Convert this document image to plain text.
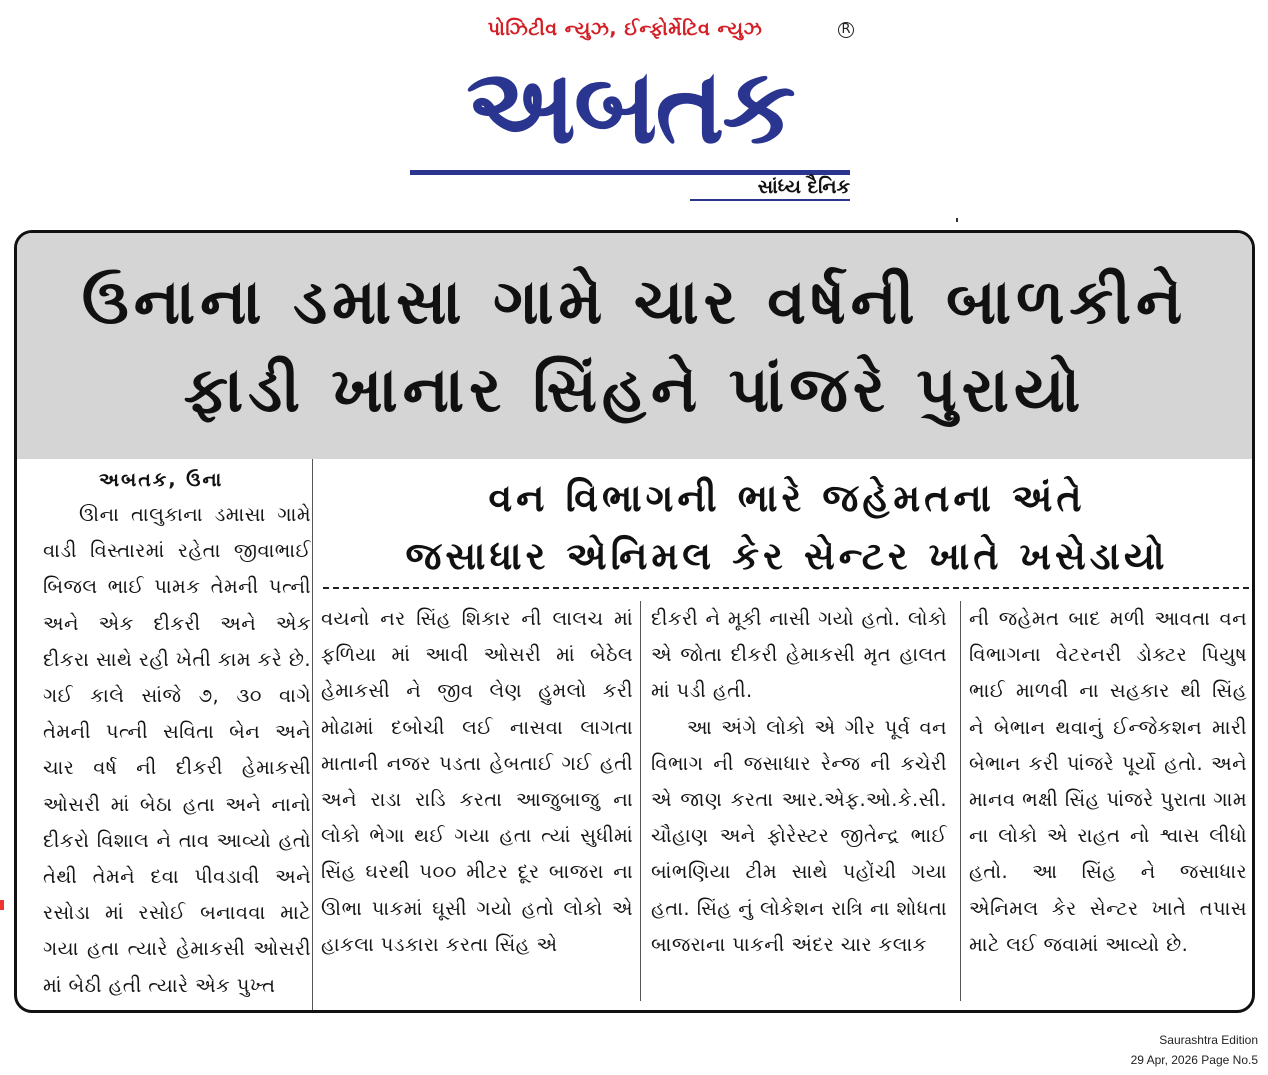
પોઝિટીવ ન્યુઝ, ઈન્ફોર્મેટિવ ન્યુઝ	R
અબતક
સાંધ્ય દૈનિક
ઉનાના ડમાસા ગામે ચાર વર્ષની બાળકીને
ફાડી ખાનાર સિંહને પાંજરે પુરાયો
અબતક, ઉના	વન વિભાગની ભારે જહેમતના અંતે
જસાધાર એનિમલ કેર સેન્ટર ખાતે ખસેડાયો

ઊના તાલુકાના ડમાસા ગામે વાડી વિસ્તારમાં રહેતા જીવાભાઈ બિજલ ભાઈ પામક તેમની પત્ની અને એક દીકરી અને એક દીકરા સાથે રહી ખેતી કામ કરે છે. ગઈ કાલે સાંજે ૭, ૩૦ વાગે તેમની પત્ની સવિતા બેન અને ચાર વર્ષ ની દીકરી હેમાકસી ઓસરી માં બેઠા હતા અને નાનો દીકરો વિશાલ ને તાવ આવ્યો હતો તેથી તેમને દવા પીવડાવી અને રસોડા માં રસોઈ બનાવવા માટે ગયા હતા ત્યારે હેમાકસી ઓસરી માં બેઠી હતી ત્યારે એક પુખ્ત

વયનો નર સિંહ શિકાર ની લાલચ માં ફળિયા માં આવી ઓસરી માં બેઠેલ હેમાકસી ને જીવ લેણ હુમલો કરી મોઢામાં દબોચી લઈ નાસવા લાગતા માતાની નજર પડતા હેબતાઈ ગઈ હતી અને રાડા રાડિ કરતા આજુબાજુ ના લોકો ભેગા થઈ ગયા હતા ત્યાં સુધીમાં સિંહ ઘરથી ૫૦૦ મીટર દૂર બાજરા ના ઊભા પાકમાં ઘૂસી ગયો હતો લોકો એ હાકલા પડકારા કરતા સિંહ એ

દીકરી ને મૂકી નાસી ગયો હતો. લોકો એ જોતા દીકરી હેમાકસી મૃત હાલત માં પડી હતી.

આ અંગે લોકો એ ગીર પૂર્વ વન વિભાગ ની જસાધાર રેન્જ ની કચેરી એ જાણ કરતા આર.એફ.ઓ.કે.સી. ચૌહાણ અને ફોરેસ્ટર જીતેન્દ્ર ભાઈ બાંભણિયા ટીમ સાથે પહોંચી ગયા હતા. સિંહ નું લોકેશન રાત્રિ ના શોધતા બાજરાના પાકની અંદર ચાર કલાક

ની જહેમત બાદ મળી આવતા વન વિભાગના વેટરનરી ડોક્ટર પિયુષ ભાઈ માળવી ના સહકાર થી સિંહ ને બેભાન થવાનું ઈન્જેકશન મારી બેભાન કરી પાંજરે પૂર્યો હતો. અને માનવ ભક્ષી સિંહ પાંજરે પુરાતા ગામ ના લોકો એ રાહત નો શ્વાસ લીધો હતો. આ સિંહ ને જસાધાર એનિમલ કેર સેન્ટર ખાતે તપાસ માટે લઈ જવામાં આવ્યો છે.

Saurashtra Edition
29 Apr, 2026 Page No.5
